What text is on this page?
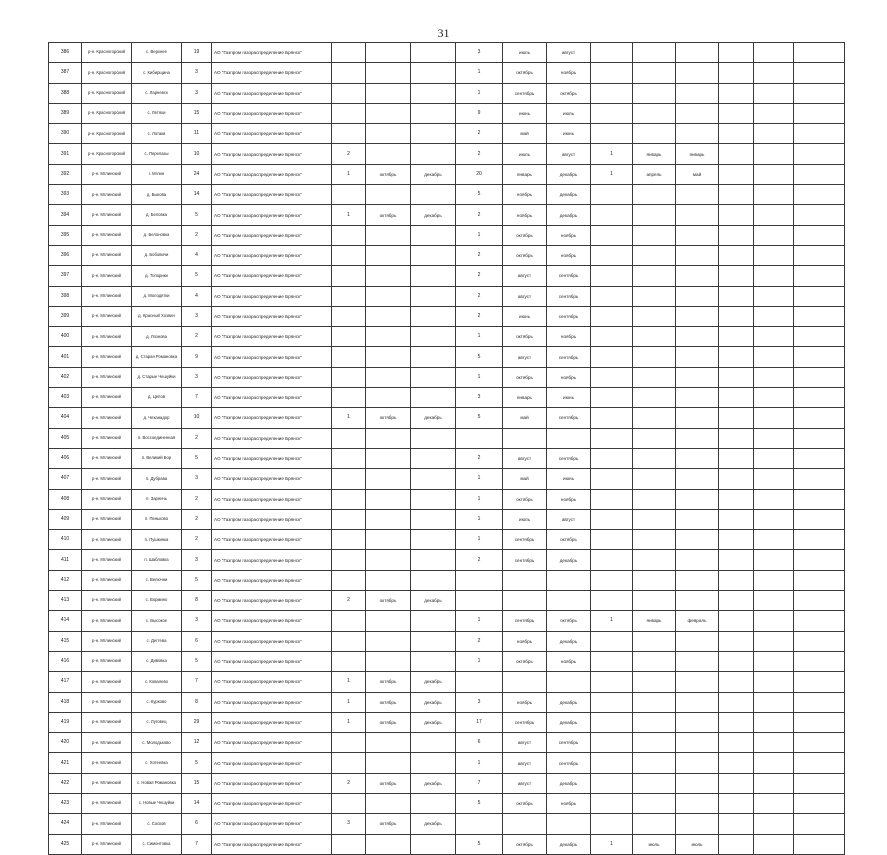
31
386	р-н. Красногорский	с. Верхнее	19	АО "Газпром газораспределение Брянск"				3	июль	август						
387	р-н. Красногорский	с. Кибирщина	3	АО "Газпром газораспределение Брянск"				1	октябрь	ноябрь						
388	р-н. Красногорский	с. Ларневск	3	АО "Газпром газораспределение Брянск"				1	сентябрь	октябрь						
389	р-н. Красногорский	с. Летяхи	15	АО "Газпром газораспределение Брянск"				9	июнь	июль						
390	р-н. Красногорский	с. Лотаки	11	АО "Газпром газораспределение Брянск"				2	май	июнь						
391	р-н. Красногорский	с. Перелазы	10	АО "Газпром газораспределение Брянск"	2			2	июль	август	1	январь	январь			
392	р-н. Мглинский	г. Мглин	24	АО "Газпром газораспределение Брянск"	1	октябрь	декабрь	20	январь	декабрь	1	апрель	май			
393	р-н. Мглинский	д. Быкова	14	АО "Газпром газораспределение Брянск"				5	ноябрь	декабрь						
394	р-н. Мглинский	д. Беловка	5	АО "Газпром газораспределение Брянск"	1	октябрь	декабрь	2	ноябрь	декабрь						
395	р-н. Мглинский	д. Белоновка	2	АО "Газпром газораспределение Брянск"				1	октябрь	ноябрь						
396	р-н. Мглинский	д. Бобовичи	4	АО "Газпром газораспределение Брянск"				2	октябрь	ноябрь						
397	р-н. Мглинский	д. Топорики	5	АО "Газпром газораспределение Брянск"				2	август	сентябрь						
398	р-н. Мглинский	д. Молодятки	4	АО "Газпром газораспределение Брянск"				2	август	сентябрь						
399	р-н. Мглинский	д. Красный Хозяин	3	АО "Газпром газораспределение Брянск"				2	июнь	сентябрь						
400	р-н. Мглинский	д. Лознова	2	АО "Газпром газораспределение Брянск"				1	октябрь	ноябрь						
401	р-н. Мглинский	д. Старая Романовка	9	АО "Газпром газораспределение Брянск"				5	август	сентябрь						
402	р-н. Мглинский	д. Старые Чешуйки	3	АО "Газпром газораспределение Брянск"				1	октябрь	ноябрь						
403	р-н. Мглинский	д. Цепов	7	АО "Газпром газораспределение Брянск"				3	январь	июнь						
404	р-н. Мглинский	д. Чеханадор	10	АО "Газпром газораспределение Брянск"	1	октябрь	декабрь	5	май	сентябрь						
405	р-н. Мглинский	п. Воссоединенная	2	АО "Газпром газораспределение Брянск"												
406	р-н. Мглинский	п. Великий Бор	5	АО "Газпром газораспределение Брянск"				2	август	сентябрь						
407	р-н. Мглинский	п. Дубрава	3	АО "Газпром газораспределение Брянск"				1	май	июнь						
408	р-н. Мглинский	п. Зарничь	2	АО "Газпром газораспределение Брянск"				1	октябрь	ноябрь						
409	р-н. Мглинский	п. Пеньково	2	АО "Газпром газораспределение Брянск"				1	июль	август						
410	р-н. Мглинский	п. Пушкинка	2	АО "Газпром газораспределение Брянск"				1	сентябрь	октябрь						
411	р-н. Мглинский	п. Шабловка	3	АО "Газпром газораспределение Брянск"				2	сентябрь	декабрь						
412	р-н. Мглинский	с. Велючни	5	АО "Газпром газораспределение Брянск"												
413	р-н. Мглинский	с. Вормино	8	АО "Газпром газораспределение Брянск"	2	октябрь	декабрь									
414	р-н. Мглинский	с. Высокое	3	АО "Газпром газораспределение Брянск"				1	сентябрь	октябрь	1	январь	февраль			
415	р-н. Мглинский	с. Дегтева	6	АО "Газпром газораспределение Брянск"				2	ноябрь	декабрь						
416	р-н. Мглинский	с. Дивовка	5	АО "Газпром газораспределение Брянск"				1	октябрь	ноябрь						
417	р-н. Мглинский	с. Ковалево	7	АО "Газпром газораспределение Брянск"	1	октябрь	декабрь									
418	р-н. Мглинский	с. Курково	8	АО "Газпром газораспределение Брянск"	1	октябрь	декабрь	3	ноябрь	декабрь						
419	р-н. Мглинский	с. Луговец	29	АО "Газпром газораспределение Брянск"	1	октябрь	декабрь	17	сентябрь	декабрь						
420	р-н. Мглинский	с. Молодьково	12	АО "Газпром газораспределение Брянск"				6	август	сентябрь						
421	р-н. Мглинский	с. Хотеевка	5	АО "Газпром газораспределение Брянск"				1	август	сентябрь						
422	р-н. Мглинский	с. Новая Романовка	15	АО "Газпром газораспределение Брянск"	2	октябрь	декабрь	7	август	декабрь						
423	р-н. Мглинский	с. Новые Чешуйки	14	АО "Газпром газораспределение Брянск"				5	октябрь	ноябрь						
424	р-н. Мглинский	с. Сосков	6	АО "Газпром газораспределение Брянск"	3	октябрь	декабрь									
425	р-н. Мглинский	с. Симонтовка	7	АО "Газпром газораспределение Брянск"				5	октябрь	декабрь	1	июль	июль			
